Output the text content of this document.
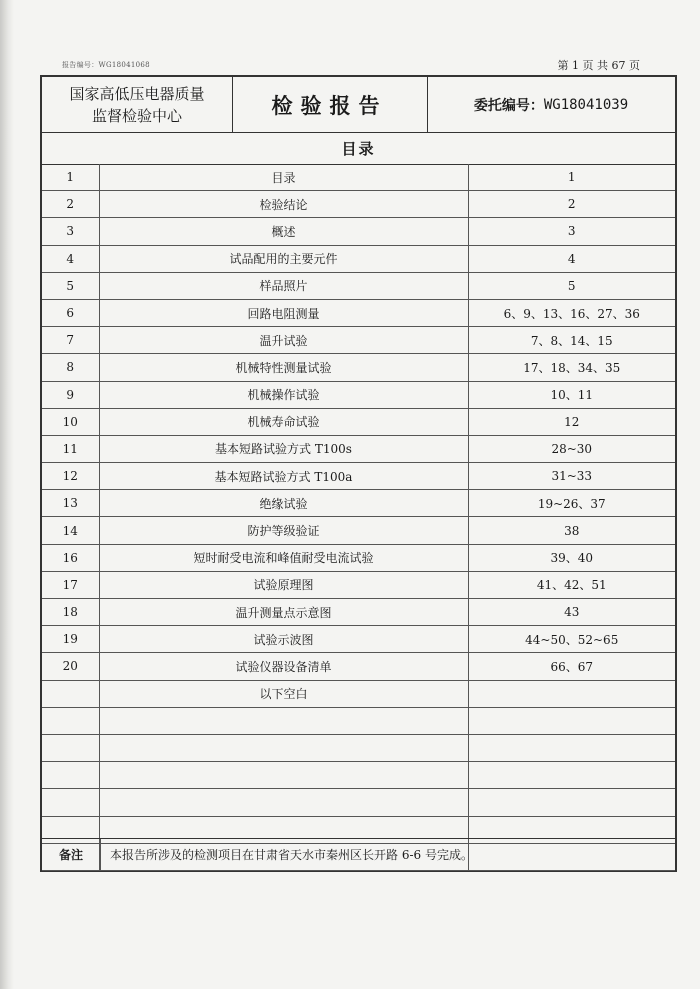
报告编号：WG18041068	第 1 页 共 67 页
国家高低压电器质量
监督检验中心	检验报告	委托编号： WG18041039
目录
1	目录	1
2	检验结论	2
3	概述	3
4	试品配用的主要元件	4
5	样品照片	5
6	回路电阻测量	6、9、13、16、27、36
7	温升试验	7、8、14、15
8	机械特性测量试验	17、18、34、35
9	机械操作试验	10、11
10	机械寿命试验	12
11	基本短路试验方式 T100s	28~30
12	基本短路试验方式 T100a	31~33
13	绝缘试验	19~26、37
14	防护等级验证	38
16	短时耐受电流和峰值耐受电流试验	39、40
17	试验原理图	41、42、51
18	温升测量点示意图	43
19	试验示波图	44~50、52~65
20	试验仪器设备清单	66、67
	以下空白	

备注	本报告所涉及的检测项目在甘肃省天水市秦州区长开路 6-6 号完成。
